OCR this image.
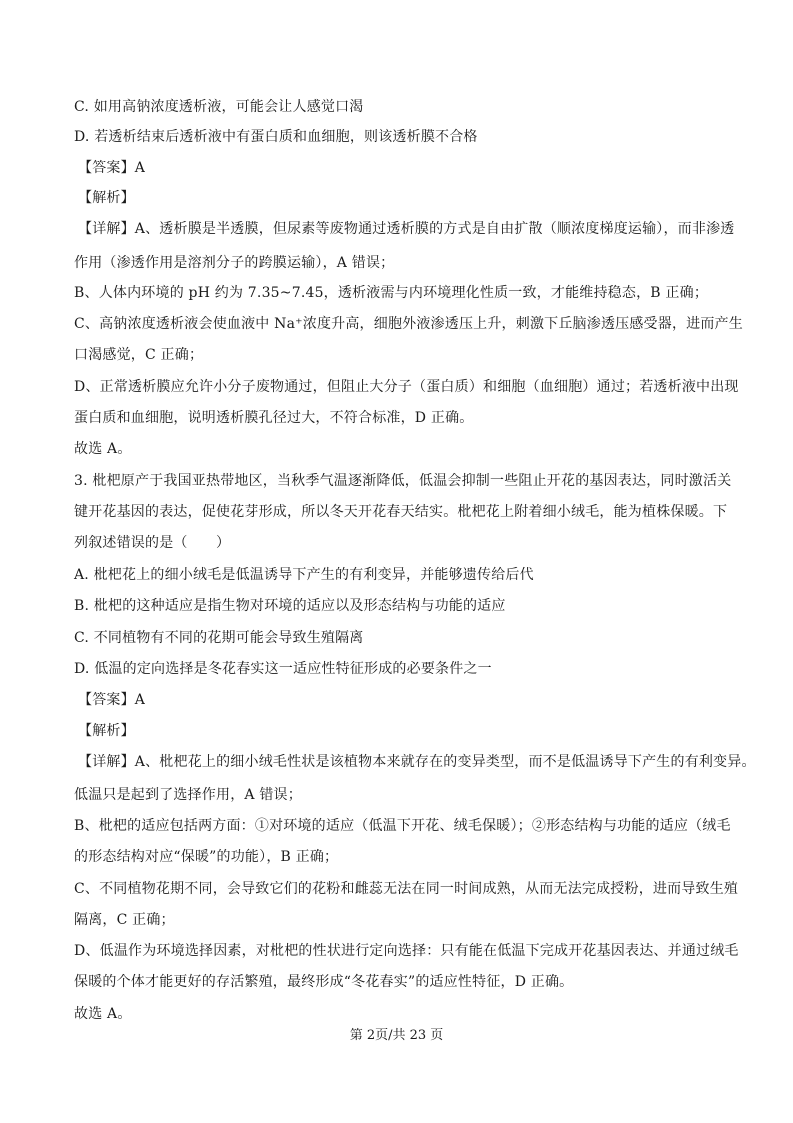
C. 如用高钠浓度透析液，可能会让人感觉口渴
D. 若透析结束后透析液中有蛋白质和血细胞，则该透析膜不合格
【答案】A
【解析】
【详解】A、透析膜是半透膜，但尿素等废物通过透析膜的方式是自由扩散（顺浓度梯度运输），而非渗透
作用（渗透作用是溶剂分子的跨膜运输），A 错误；
B、人体内环境的 pH 约为 7.35~7.45，透析液需与内环境理化性质一致，才能维持稳态，B 正确；
C、高钠浓度透析液会使血液中 Na⁺浓度升高，细胞外液渗透压上升，刺激下丘脑渗透压感受器，进而产生
口渴感觉，C 正确；
D、正常透析膜应允许小分子废物通过，但阻止大分子（蛋白质）和细胞（血细胞）通过；若透析液中出现
蛋白质和血细胞，说明透析膜孔径过大，不符合标准，D 正确。
故选 A。
3. 枇杷原产于我国亚热带地区，当秋季气温逐渐降低，低温会抑制一些阻止开花的基因表达，同时激活关
键开花基因的表达，促使花芽形成，所以冬天开花春天结实。枇杷花上附着细小绒毛，能为植株保暖。下
列叙述错误的是（　　）
A. 枇杷花上的细小绒毛是低温诱导下产生的有利变异，并能够遗传给后代
B. 枇杷的这种适应是指生物对环境的适应以及形态结构与功能的适应
C. 不同植物有不同的花期可能会导致生殖隔离
D. 低温的定向选择是冬花春实这一适应性特征形成的必要条件之一
【答案】A
【解析】
【详解】A、枇杷花上的细小绒毛性状是该植物本来就存在的变异类型，而不是低温诱导下产生的有利变异。
低温只是起到了选择作用，A 错误；
B、枇杷的适应包括两方面：①对环境的适应（低温下开花、绒毛保暖）；②形态结构与功能的适应（绒毛
的形态结构对应“保暖”的功能），B 正确；
C、不同植物花期不同，会导致它们的花粉和雌蕊无法在同一时间成熟，从而无法完成授粉，进而导致生殖
隔离，C 正确；
D、低温作为环境选择因素，对枇杷的性状进行定向选择：只有能在低温下完成开花基因表达、并通过绒毛
保暖的个体才能更好的存活繁殖，最终形成“冬花春实”的适应性特征，D 正确。
故选 A。
第 2页/共 23 页
